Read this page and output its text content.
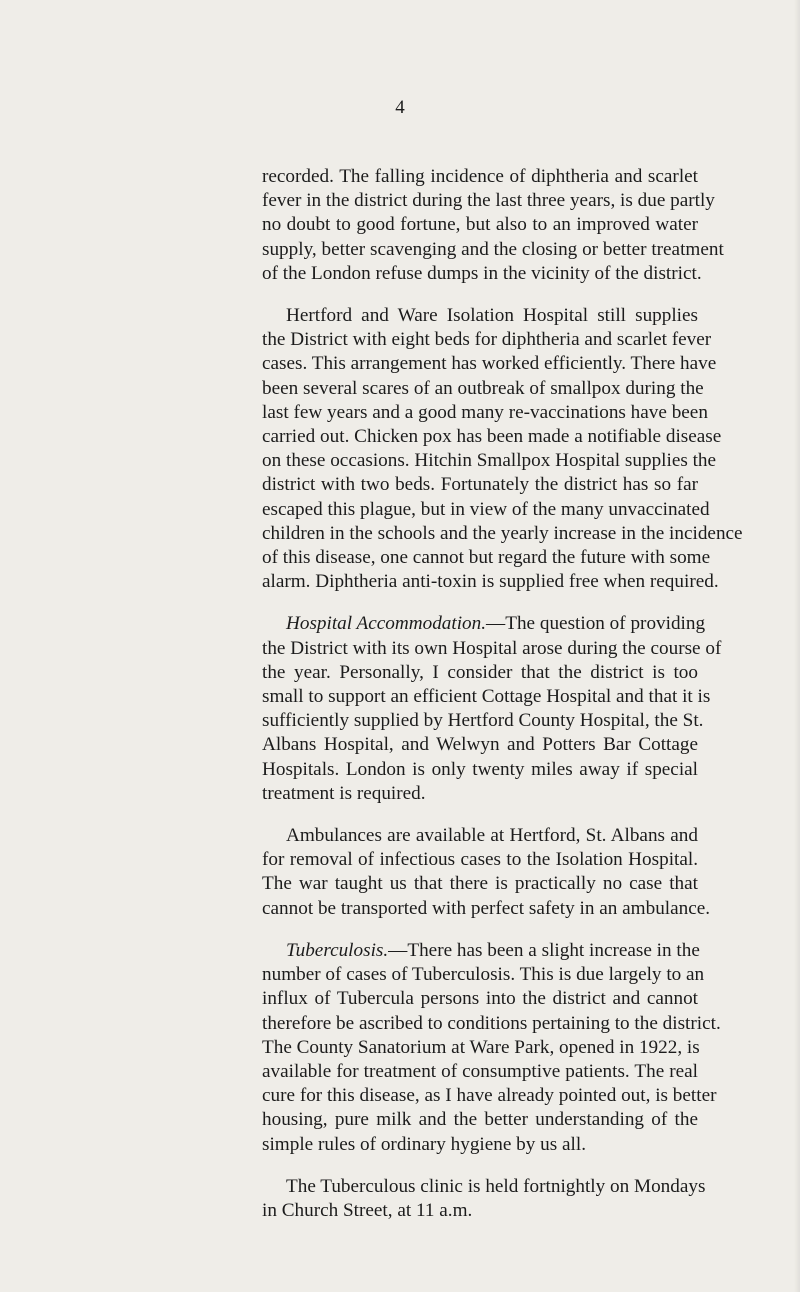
4
recorded. The falling incidence of diphtheria and scarlet
fever in the district during the last three years, is due partly
no doubt to good fortune, but also to an improved water
supply, better scavenging and the closing or better treatment
of the London refuse dumps in the vicinity of the district.
Hertford and Ware Isolation Hospital still supplies
the District with eight beds for diphtheria and scarlet fever
cases. This arrangement has worked efficiently. There have
been several scares of an outbreak of smallpox during the
last few years and a good many re-vaccinations have been
carried out. Chicken pox has been made a notifiable disease
on these occasions. Hitchin Smallpox Hospital supplies the
district with two beds. Fortunately the district has so far
escaped this plague, but in view of the many unvaccinated
children in the schools and the yearly increase in the incidence
of this disease, one cannot but regard the future with some
alarm. Diphtheria anti-toxin is supplied free when required.
Hospital Accommodation.—The question of providing
the District with its own Hospital arose during the course of
the year. Personally, I consider that the district is too
small to support an efficient Cottage Hospital and that it is
sufficiently supplied by Hertford County Hospital, the St.
Albans Hospital, and Welwyn and Potters Bar Cottage
Hospitals. London is only twenty miles away if special
treatment is required.
Ambulances are available at Hertford, St. Albans and
for removal of infectious cases to the Isolation Hospital.
The war taught us that there is practically no case that
cannot be transported with perfect safety in an ambulance.
Tuberculosis.—There has been a slight increase in the
number of cases of Tuberculosis. This is due largely to an
influx of Tubercula persons into the district and cannot
therefore be ascribed to conditions pertaining to the district.
The County Sanatorium at Ware Park, opened in 1922, is
available for treatment of consumptive patients. The real
cure for this disease, as I have already pointed out, is better
housing, pure milk and the better understanding of the
simple rules of ordinary hygiene by us all.
The Tuberculous clinic is held fortnightly on Mondays
in Church Street, at 11 a.m.
